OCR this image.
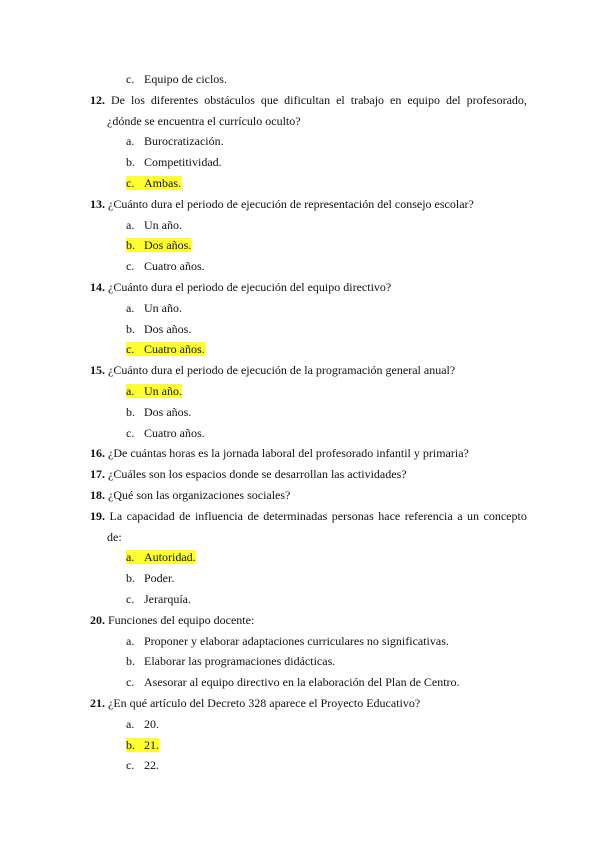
c. Equipo de ciclos.
12. De los diferentes obstáculos que dificultan el trabajo en equipo del profesorado,
¿dónde se encuentra el currículo oculto?
a. Burocratización.
b. Competitividad.
c. Ambas.
13. ¿Cuánto dura el periodo de ejecución de representación del consejo escolar?
a. Un año.
b. Dos años.
c. Cuatro años.
14. ¿Cuánto dura el periodo de ejecución del equipo directivo?
a. Un año.
b. Dos años.
c. Cuatro años.
15. ¿Cuánto dura el periodo de ejecución de la programación general anual?
a. Un año.
b. Dos años.
c. Cuatro años.
16. ¿De cuántas horas es la jornada laboral del profesorado infantil y primaria?
17. ¿Cuáles son los espacios donde se desarrollan las actividades?
18. ¿Qué son las organizaciones sociales?
19. La capacidad de influencia de determinadas personas hace referencia a un concepto
de:
a. Autoridad.
b. Poder.
c. Jerarquía.
20. Funciones del equipo docente:
a. Proponer y elaborar adaptaciones curriculares no significativas.
b. Elaborar las programaciones didácticas.
c. Asesorar al equipo directivo en la elaboración del Plan de Centro.
21. ¿En qué artículo del Decreto 328 aparece el Proyecto Educativo?
a. 20.
b. 21.
c. 22.
